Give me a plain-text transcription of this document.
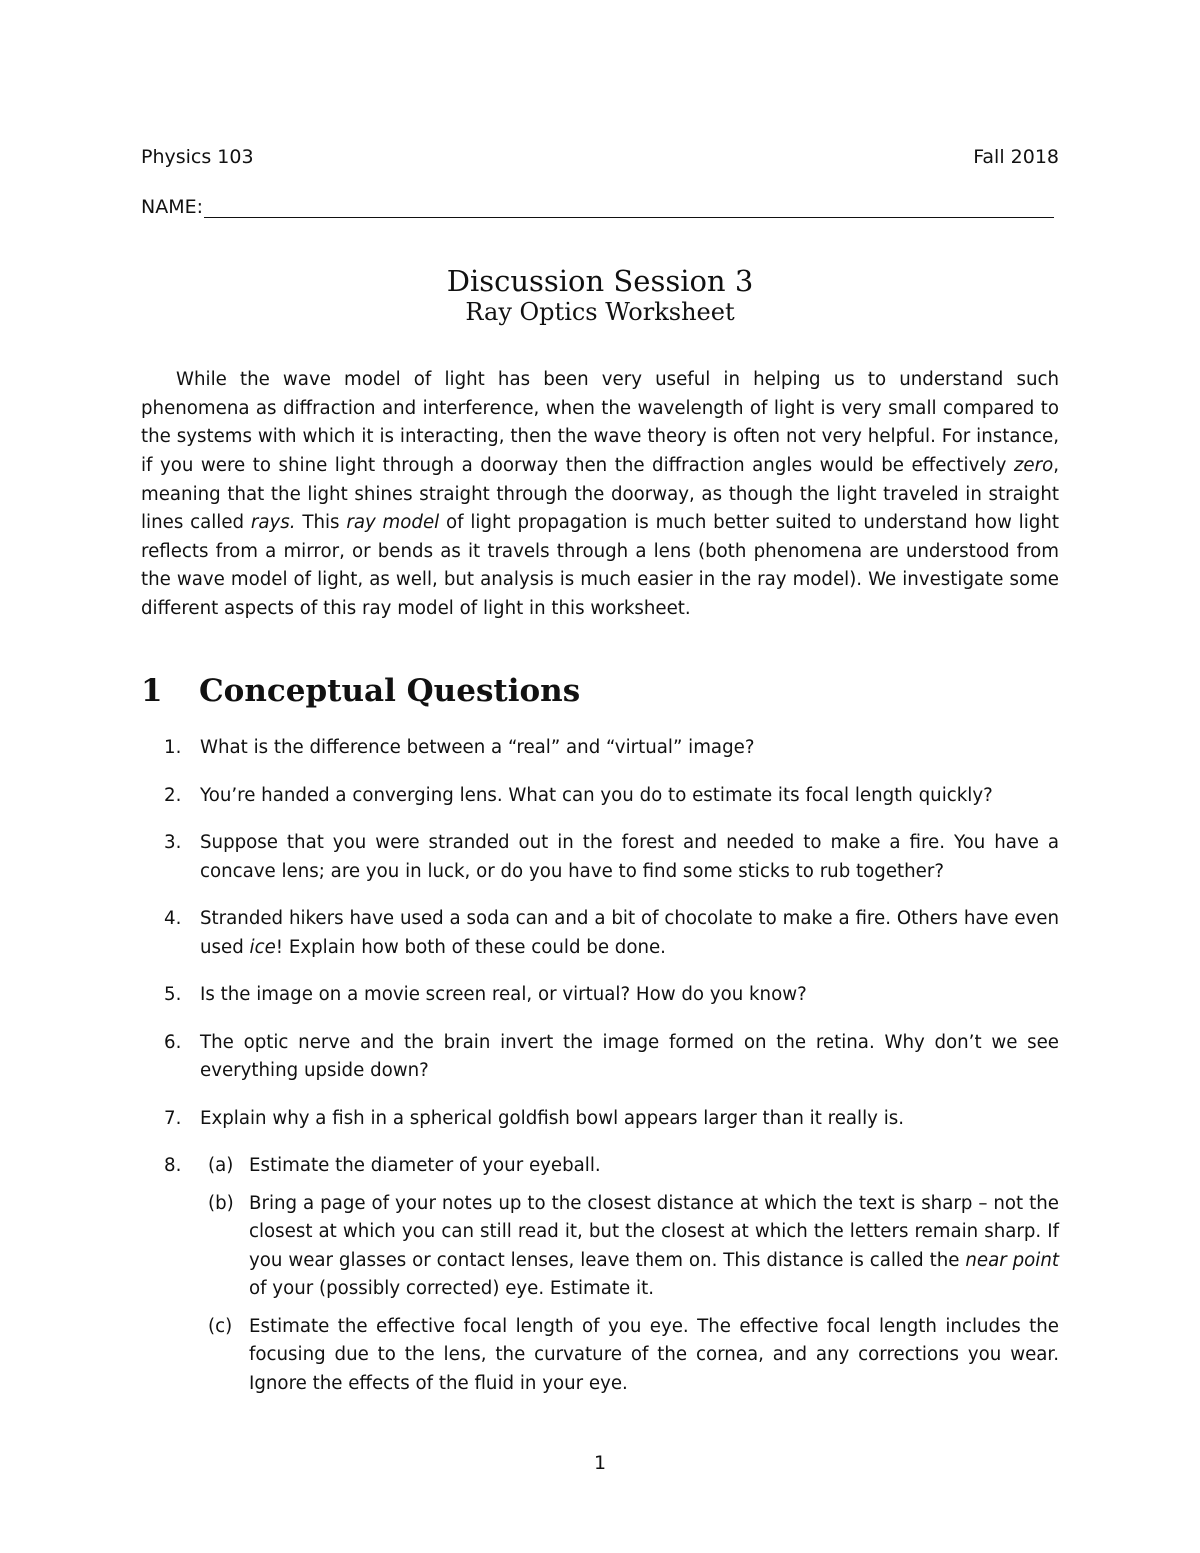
Physics 103	Fall 2018
NAME:
Discussion Session 3
Ray Optics Worksheet

While the wave model of light has been very useful in helping us to understand such phenomena as diffraction and interference, when the wavelength of light is very small compared to the systems with which it is interacting, then the wave theory is often not very helpful. For instance, if you were to shine light through a doorway then the diffraction angles would be effectively zero, meaning that the light shines straight through the doorway, as though the light traveled in straight lines called rays. This ray model of light propagation is much better suited to understand how light reflects from a mirror, or bends as it travels through a lens (both phenomena are understood from the wave model of light, as well, but analysis is much easier in the ray model). We investigate some different aspects of this ray model of light in this worksheet.

1	Conceptual Questions
1.	What is the difference between a “real” and “virtual” image?
2.	You’re handed a converging lens. What can you do to estimate its focal length quickly?
3.	Suppose that you were stranded out in the forest and needed to make a fire. You have a concave lens; are you in luck, or do you have to find some sticks to rub together?
4.	Stranded hikers have used a soda can and a bit of chocolate to make a fire. Others have even used ice! Explain how both of these could be done.
5.	Is the image on a movie screen real, or virtual? How do you know?
6.	The optic nerve and the brain invert the image formed on the retina. Why don’t we see everything upside down?
7.	Explain why a fish in a spherical goldfish bowl appears larger than it really is.
8.	(a) Estimate the diameter of your eyeball.
(b) Bring a page of your notes up to the closest distance at which the text is sharp – not the closest at which you can still read it, but the closest at which the letters remain sharp. If you wear glasses or contact lenses, leave them on. This distance is called the near point of your (possibly corrected) eye. Estimate it.
(c) Estimate the effective focal length of you eye. The effective focal length includes the focusing due to the lens, the curvature of the cornea, and any corrections you wear. Ignore the effects of the fluid in your eye.
1
